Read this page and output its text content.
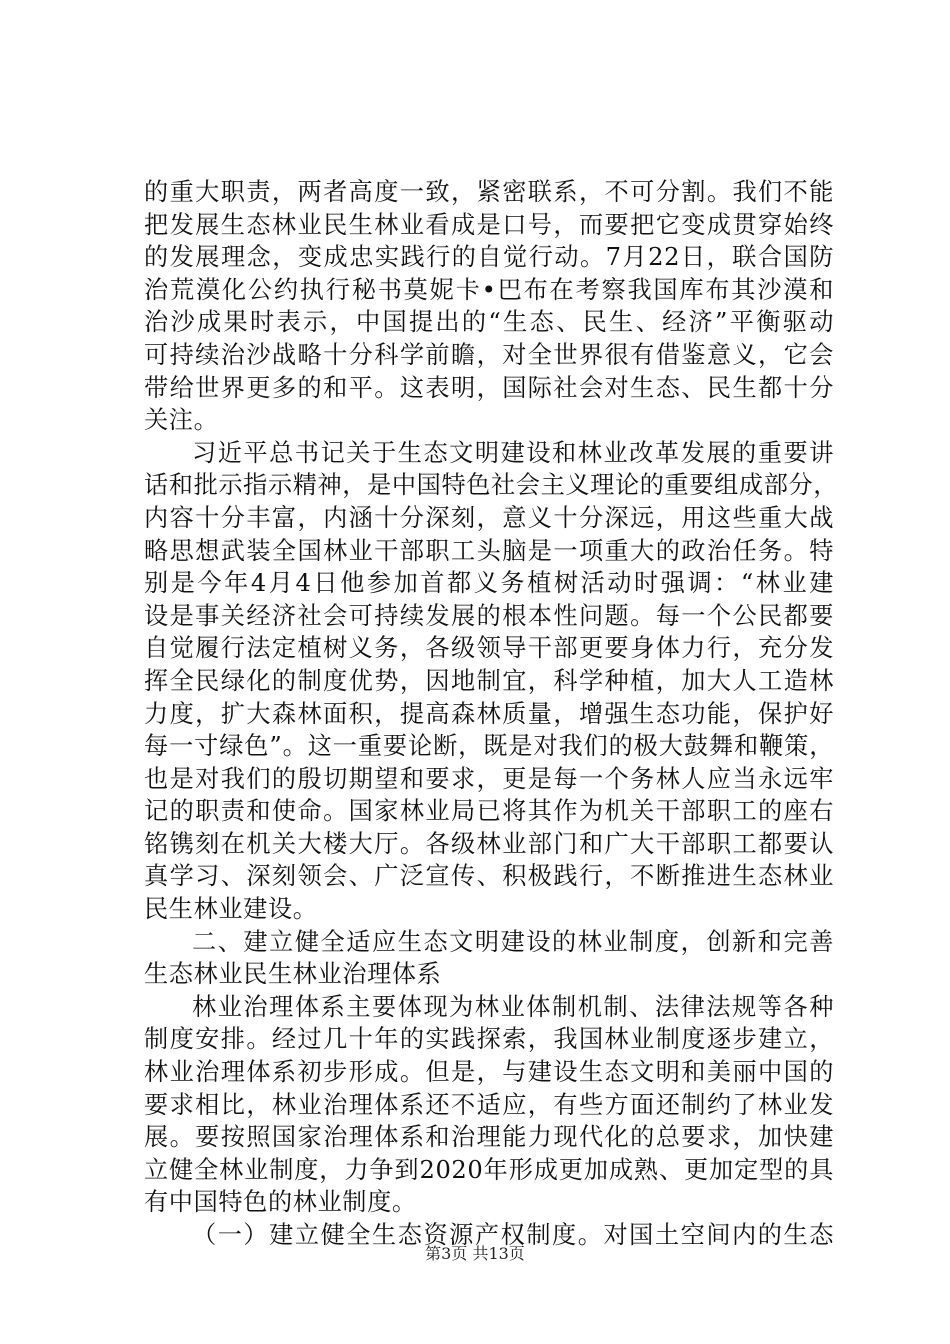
的重大职责，两者高度一致，紧密联系，不可分割。我们不能
把发展生态林业民生林业看成是口号，而要把它变成贯穿始终
的发展理念，变成忠实践行的自觉行动。7月22日，联合国防
治荒漠化公约执行秘书莫妮卡•巴布在考察我国库布其沙漠和
治沙成果时表示，中国提出的“生态、民生、经济”平衡驱动
可持续治沙战略十分科学前瞻，对全世界很有借鉴意义，它会
带给世界更多的和平。这表明，国际社会对生态、民生都十分
关注。
习近平总书记关于生态文明建设和林业改革发展的重要讲
话和批示指示精神，是中国特色社会主义理论的重要组成部分，
内容十分丰富，内涵十分深刻，意义十分深远，用这些重大战
略思想武装全国林业干部职工头脑是一项重大的政治任务。特
别是今年4月4日他参加首都义务植树活动时强调：“林业建
设是事关经济社会可持续发展的根本性问题。每一个公民都要
自觉履行法定植树义务，各级领导干部更要身体力行，充分发
挥全民绿化的制度优势，因地制宜，科学种植，加大人工造林
力度，扩大森林面积，提高森林质量，增强生态功能，保护好
每一寸绿色”。这一重要论断，既是对我们的极大鼓舞和鞭策，
也是对我们的殷切期望和要求，更是每一个务林人应当永远牢
记的职责和使命。国家林业局已将其作为机关干部职工的座右
铭镌刻在机关大楼大厅。各级林业部门和广大干部职工都要认
真学习、深刻领会、广泛宣传、积极践行，不断推进生态林业
民生林业建设。
二、建立健全适应生态文明建设的林业制度，创新和完善
生态林业民生林业治理体系
林业治理体系主要体现为林业体制机制、法律法规等各种
制度安排。经过几十年的实践探索，我国林业制度逐步建立，
林业治理体系初步形成。但是，与建设生态文明和美丽中国的
要求相比，林业治理体系还不适应，有些方面还制约了林业发
展。要按照国家治理体系和治理能力现代化的总要求，加快建
立健全林业制度，力争到2020年形成更加成熟、更加定型的具
有中国特色的林业制度。
（一）建立健全生态资源产权制度。对国土空间内的生态
第3页 共13页
